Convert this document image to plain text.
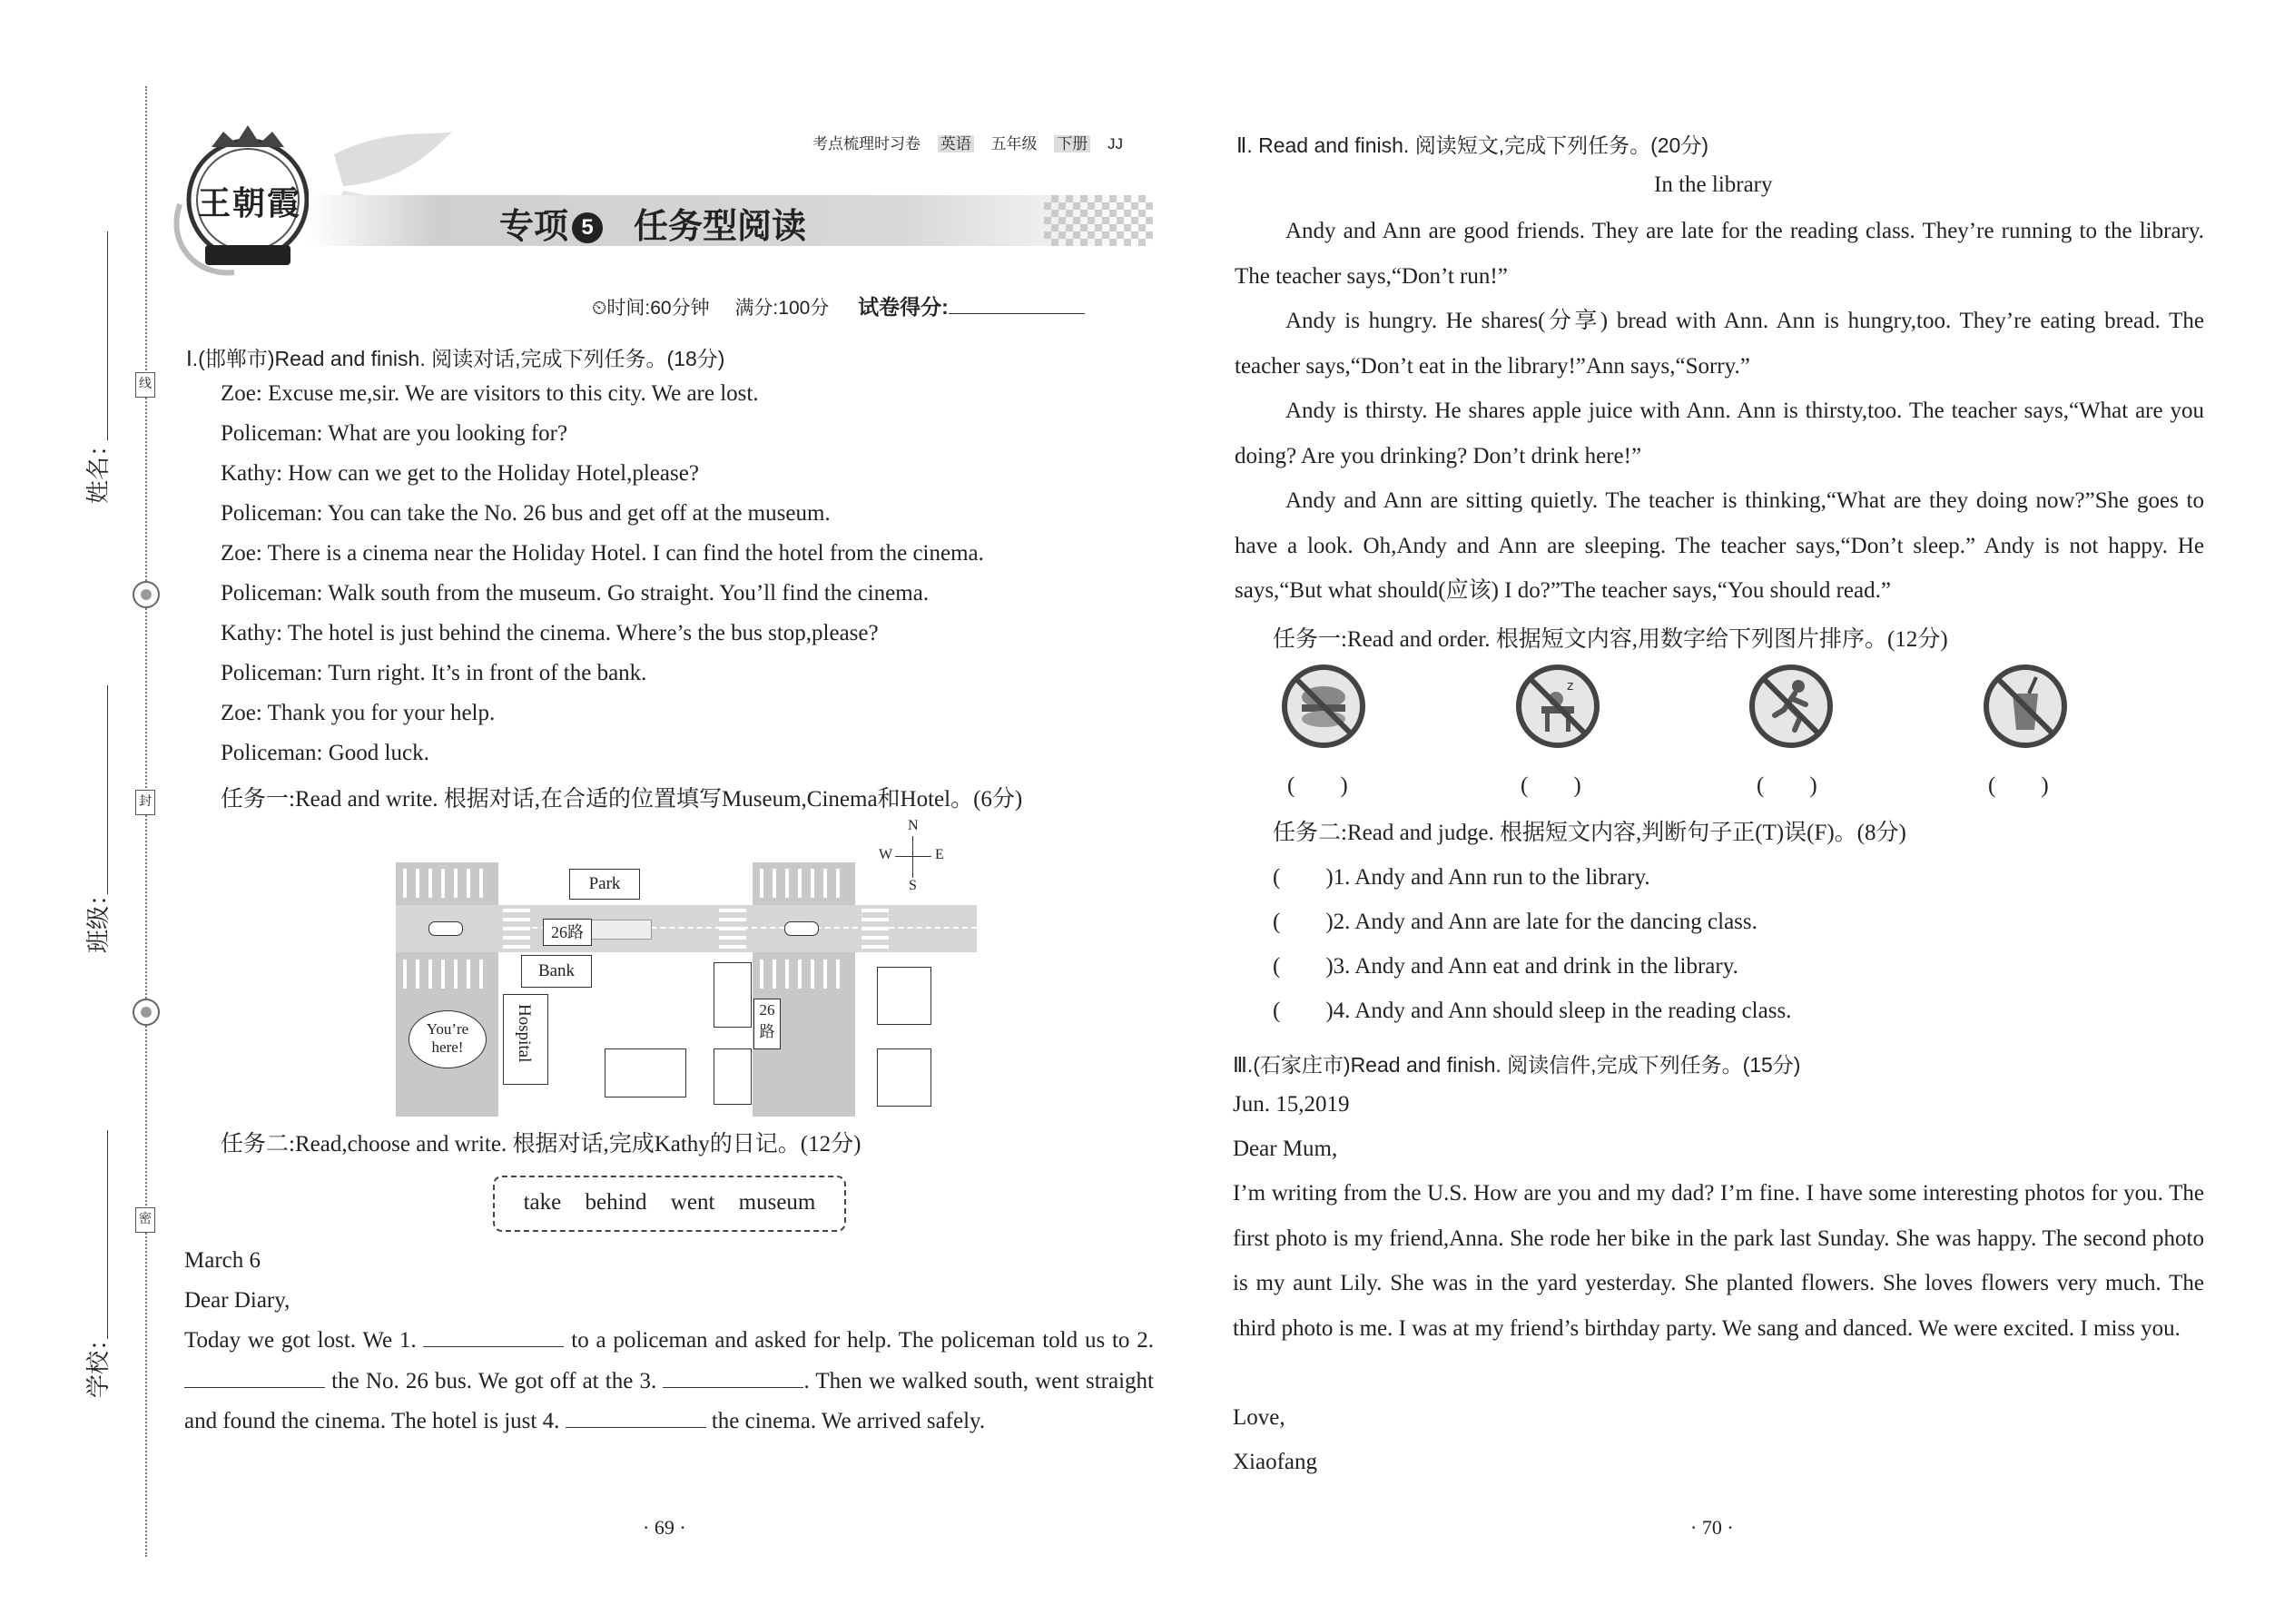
姓名：
班级：
学校：
线
封
密
王朝霞
考点梳理时习卷 英语 五年级 下册 JJ
专项 5 任务型阅读
⏲时间:60分钟 满分:100分 试卷得分:
Ⅰ.(邯郸市)Read and finish. 阅读对话,完成下列任务。(18分)
Zoe: Excuse me,sir. We are visitors to this city. We are lost.
Policeman: What are you looking for?
Kathy: How can we get to the Holiday Hotel,please?
Policeman: You can take the No. 26 bus and get off at the museum.
Zoe: There is a cinema near the Holiday Hotel. I can find the hotel from the cinema.
Policeman: Walk south from the museum. Go straight. You’ll find the cinema.
Kathy: The hotel is just behind the cinema. Where’s the bus stop,please?
Policeman: Turn right. It’s in front of the bank.
Zoe: Thank you for your help.
Policeman: Good luck.
任务一:Read and write. 根据对话,在合适的位置填写Museum,Cinema和Hotel。(6分)
Park
26路
Bank
Hospital
You’re
here!
26
路
N
S
W	E
任务二:Read,choose and write. 根据对话,完成Kathy的日记。(12分)
take behind went museum
March 6
Dear Diary,
Today we got lost. We 1.	to a policeman and asked for help. The policeman told us to 2.  the No. 26 bus. We got off at the 3.	. Then we walked south, went straight and found the cinema. The hotel is just 4.	the cinema. We arrived safely.
· 69 ·
Ⅱ. Read and finish. 阅读短文,完成下列任务。(20分)
In the library
Andy and Ann are good friends. They are late for the reading class. They’re running to the library. The teacher says,“Don’t run!”
Andy is hungry. He shares(分享) bread with Ann. Ann is hungry,too. They’re eating bread. The teacher says,“Don’t eat in the library!”Ann says,“Sorry.”
Andy is thirsty. He shares apple juice with Ann. Ann is thirsty,too. The teacher says,“What are you doing? Are you drinking? Don’t drink here!”
Andy and Ann are sitting quietly. The teacher is thinking,“What are they doing now?”She goes to have a look. Oh,Andy and Ann are sleeping. The teacher says,“Don’t sleep.” Andy is not happy. He says,“But what should(应该) I do?”The teacher says,“You should read.”
任务一:Read and order. 根据短文内容,用数字给下列图片排序。(12分)
z
(　　)	(　　)	(　　)	(　　)
任务二:Read and judge. 根据短文内容,判断句子正(T)误(F)。(8分)
(　　)1. Andy and Ann run to the library.
(　　)2. Andy and Ann are late for the dancing class.
(　　)3. Andy and Ann eat and drink in the library.
(　　)4. Andy and Ann should sleep in the reading class.
Ⅲ.(石家庄市)Read and finish. 阅读信件,完成下列任务。(15分)
Jun. 15,2019
Dear Mum,
I’m writing from the U.S. How are you and my dad? I’m fine. I have some interesting photos for you. The first photo is my friend,Anna. She rode her bike in the park last Sunday. She was happy. The second photo is my aunt Lily. She was in the yard yesterday. She planted flowers. She loves flowers very much. The third photo is me. I was at my friend’s birthday party. We sang and danced. We were excited. I miss you.
Love,
Xiaofang
· 70 ·
